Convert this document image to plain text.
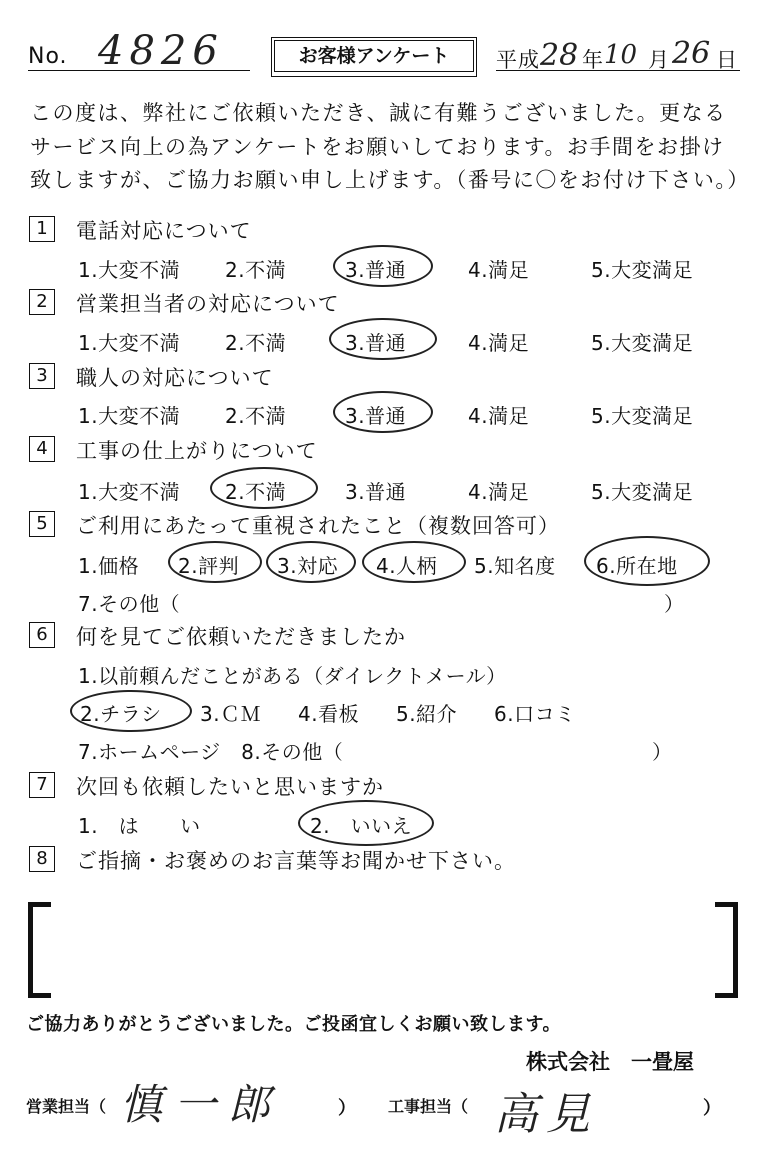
No. 4826	お客様アンケート	平成 28 年 10 月 26 日
この度は、弊社にご依頼いただき、誠に有難うございました。更なる
サービス向上の為アンケートをお願いしております。お手間をお掛け
致しますが、ご協力お願い申し上げます。（番号に〇をお付け下さい。）
1	電話対応について
1.大変不満 2.不満	3.普通	4.満足	5.大変満足
2	営業担当者の対応について
1.大変不満 2.不満	3.普通	4.満足	5.大変満足
3	職人の対応について
1.大変不満 2.不満	3.普通	4.満足	5.大変満足
4	工事の仕上がりについて
1.大変不満 2.不満	3.普通	4.満足	5.大変満足
5	ご利用にあたって重視されたこと（複数回答可）
1.価格 2.評判 3.対応 4.人柄 5.知名度 6.所在地
7.その他（	）
6	何を見てご依頼いただきましたか
1.以前頼んだことがある（ダイレクトメール）
2.チラシ 3.ＣＭ 4.看板 5.紹介 6.口コミ
7.ホームページ　8.その他（	）
7	次回も依頼したいと思いますか
1.　は　　い	2.　いいえ
8	ご指摘・お褒めのお言葉等お聞かせ下さい。
ご協力ありがとうございました。ご投函宜しくお願い致します。
株式会社　一畳屋
営業担当（ 慎一郎	） 工事担当（ 高見	）
